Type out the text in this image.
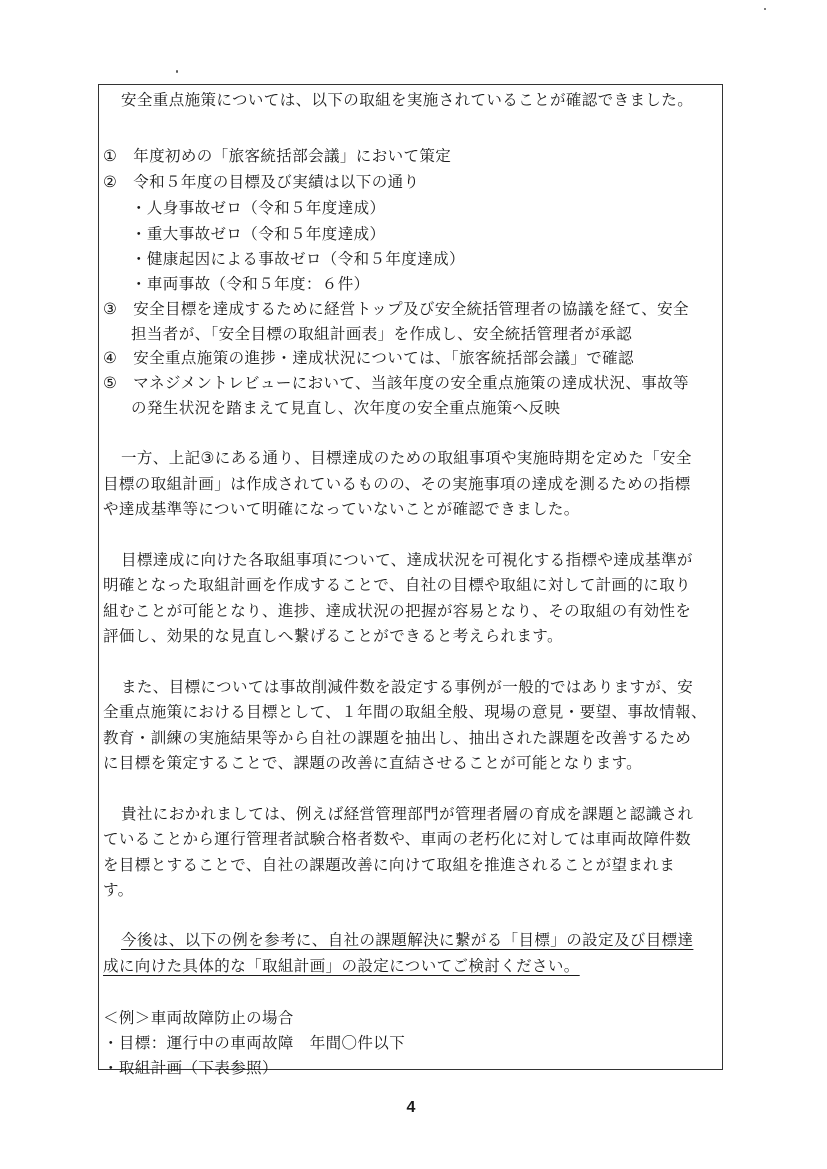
安全重点施策については、以下の取組を実施されていることが確認できました。
①　年度初めの「旅客統括部会議」において策定
②　令和５年度の目標及び実績は以下の通り
・人身事故ゼロ（令和５年度達成）
・重大事故ゼロ（令和５年度達成）
・健康起因による事故ゼロ（令和５年度達成）
・車両事故（令和５年度：６件）
③　安全目標を達成するために経営トップ及び安全統括管理者の協議を経て、安全
担当者が、「安全目標の取組計画表」を作成し、安全統括管理者が承認
④　安全重点施策の進捗・達成状況については、「旅客統括部会議」で確認
⑤　マネジメントレビューにおいて、当該年度の安全重点施策の達成状況、事故等
の発生状況を踏まえて見直し、次年度の安全重点施策へ反映
一方、上記③にある通り、目標達成のための取組事項や実施時期を定めた「安全
目標の取組計画」は作成されているものの、その実施事項の達成を測るための指標
や達成基準等について明確になっていないことが確認できました。
目標達成に向けた各取組事項について、達成状況を可視化する指標や達成基準が
明確となった取組計画を作成することで、自社の目標や取組に対して計画的に取り
組むことが可能となり、進捗、達成状況の把握が容易となり、その取組の有効性を
評価し、効果的な見直しへ繋げることができると考えられます。
また、目標については事故削減件数を設定する事例が一般的ではありますが、安
全重点施策における目標として、１年間の取組全般、現場の意見・要望、事故情報、
教育・訓練の実施結果等から自社の課題を抽出し、抽出された課題を改善するため
に目標を策定することで、課題の改善に直結させることが可能となります。
貴社におかれましては、例えば経営管理部門が管理者層の育成を課題と認識され
ていることから運行管理者試験合格者数や、車両の老朽化に対しては車両故障件数
を目標とすることで、自社の課題改善に向けて取組を推進されることが望まれま
す。
今後は、以下の例を参考に、自社の課題解決に繋がる「目標」の設定及び目標達
成に向けた具体的な「取組計画」の設定についてご検討ください。
＜例＞車両故障防止の場合
・目標：運行中の車両故障　年間〇件以下
・取組計画（下表参照）
4
